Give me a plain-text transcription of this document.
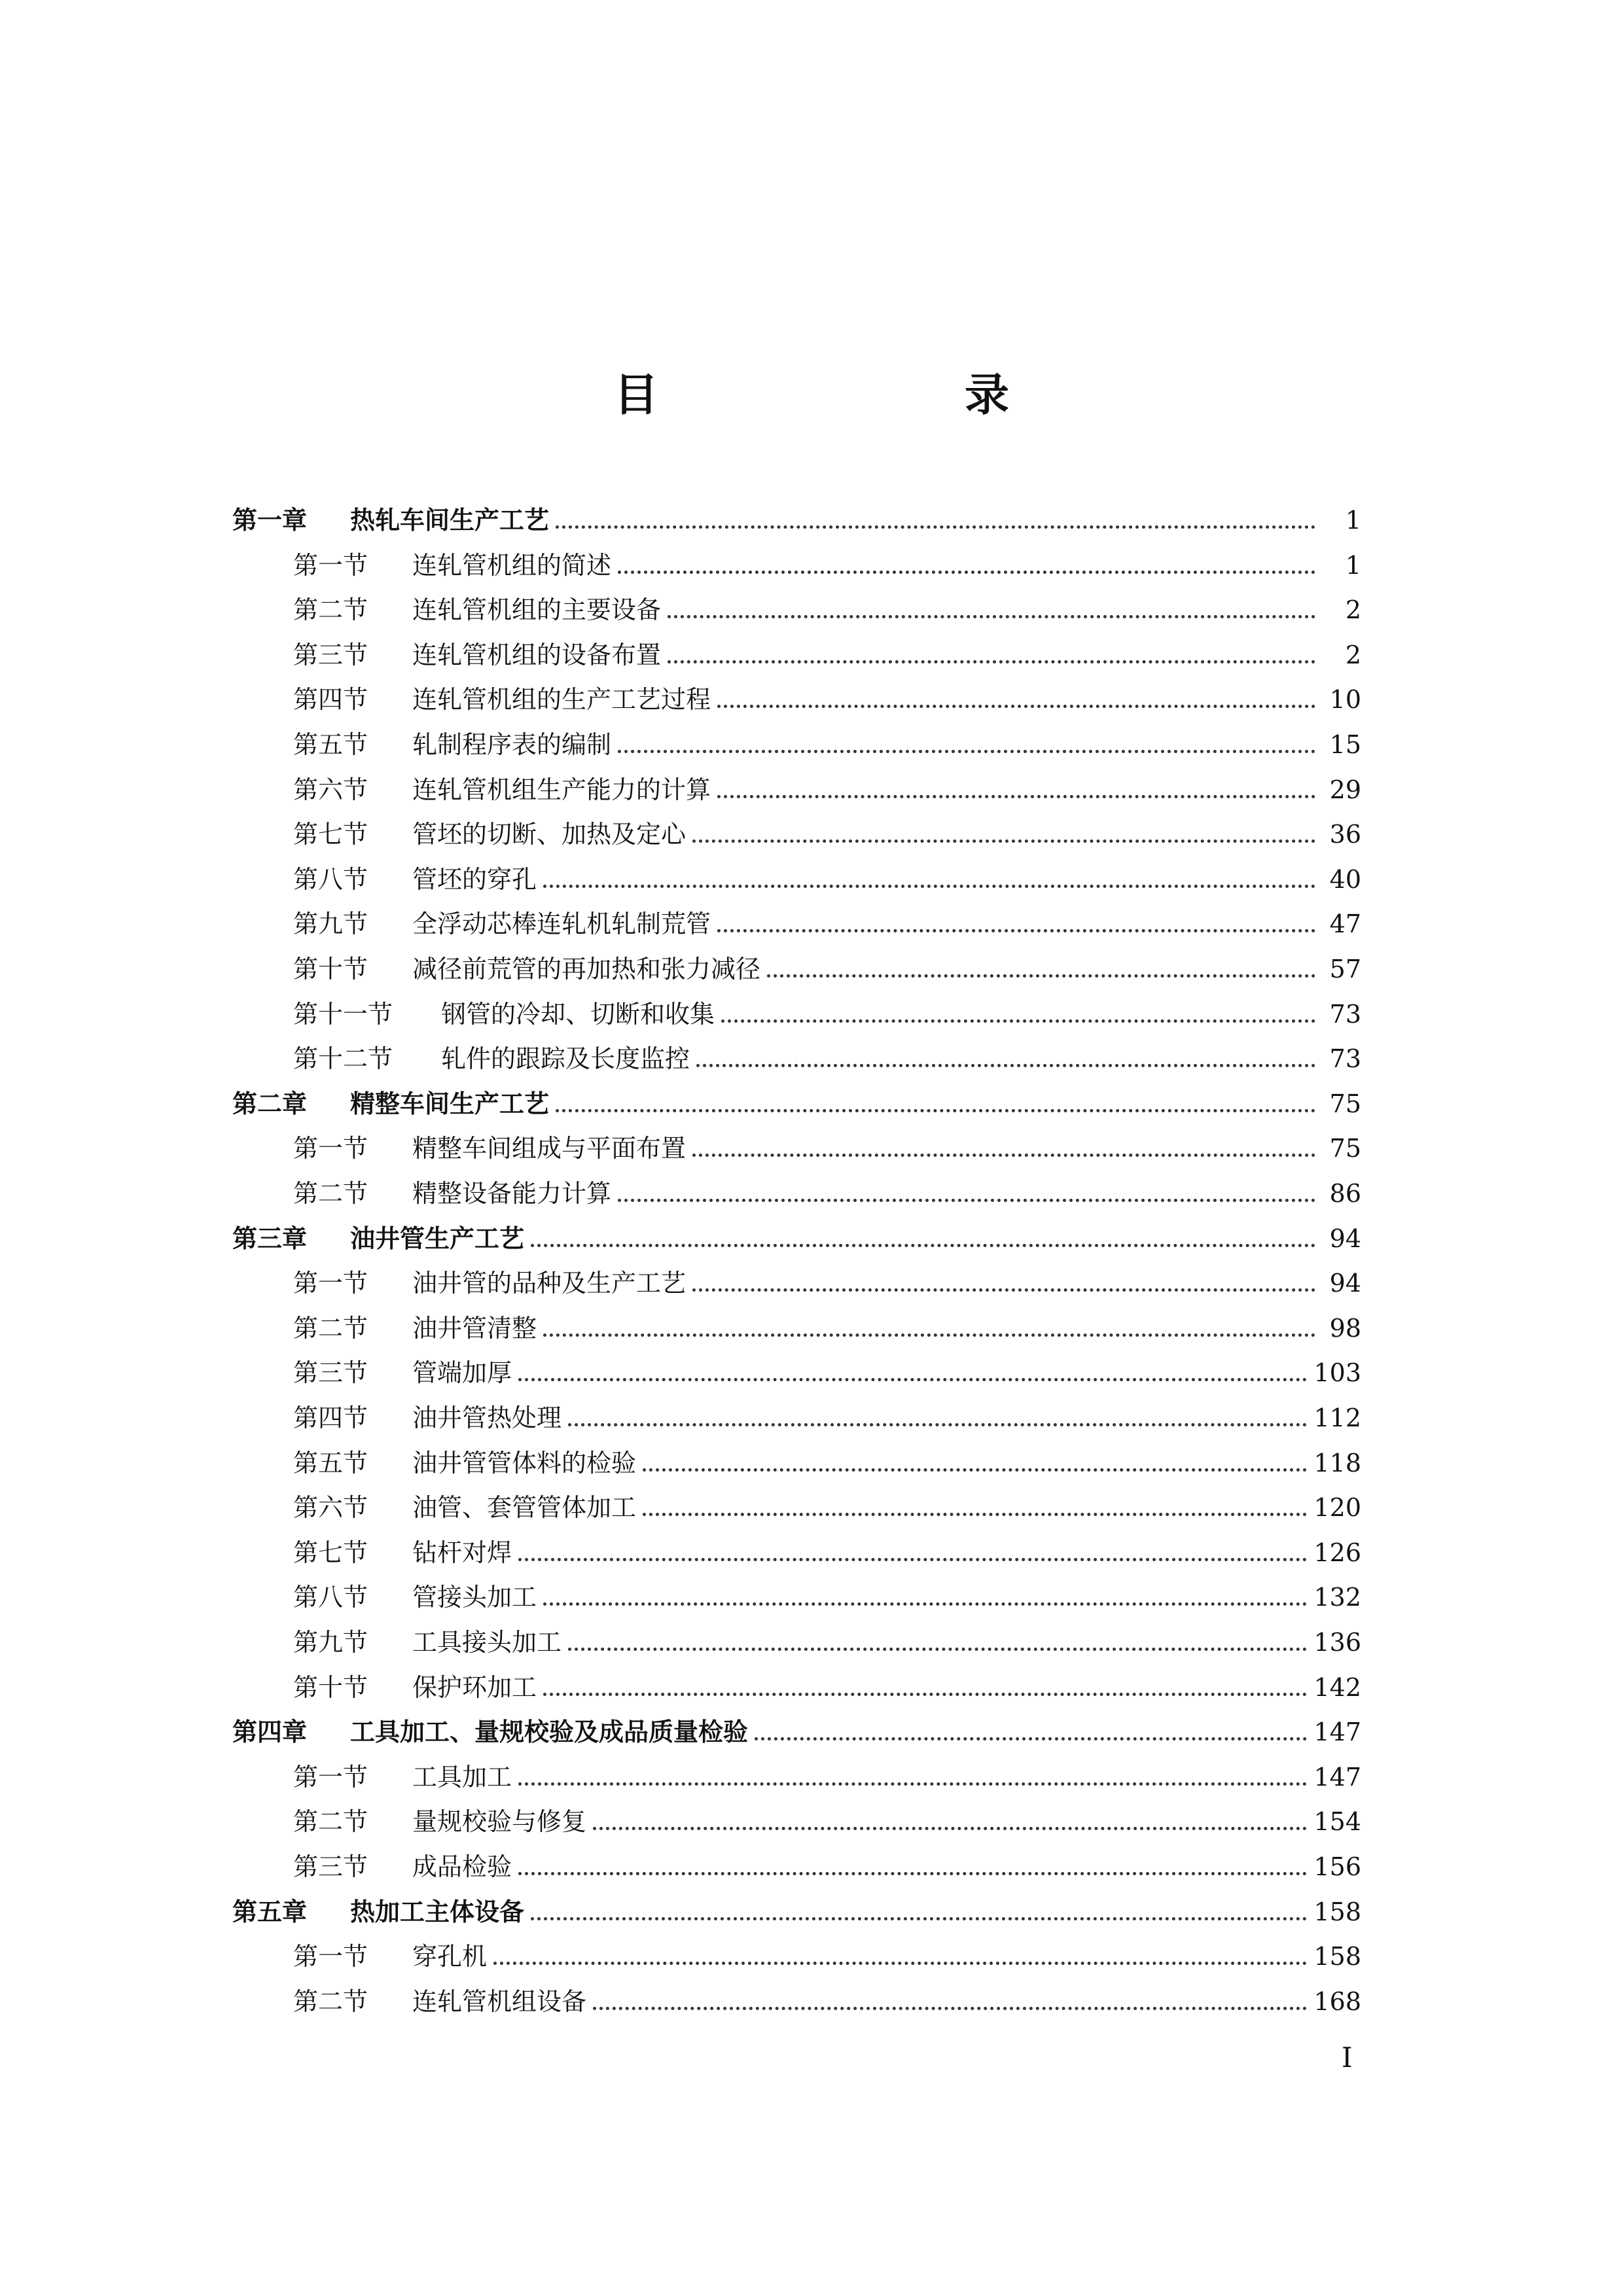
目　录
第一章	热轧车间生产工艺	1
第一节	连轧管机组的简述	1
第二节	连轧管机组的主要设备	2
第三节	连轧管机组的设备布置	2
第四节	连轧管机组的生产工艺过程	10
第五节	轧制程序表的编制	15
第六节	连轧管机组生产能力的计算	29
第七节	管坯的切断、加热及定心	36
第八节	管坯的穿孔	40
第九节	全浮动芯棒连轧机轧制荒管	47
第十节	减径前荒管的再加热和张力减径	57
第十一节	钢管的冷却、切断和收集	73
第十二节	轧件的跟踪及长度监控	73
第二章	精整车间生产工艺	75
第一节	精整车间组成与平面布置	75
第二节	精整设备能力计算	86
第三章	油井管生产工艺	94
第一节	油井管的品种及生产工艺	94
第二节	油井管清整	98
第三节	管端加厚	103
第四节	油井管热处理	112
第五节	油井管管体料的检验	118
第六节	油管、套管管体加工	120
第七节	钻杆对焊	126
第八节	管接头加工	132
第九节	工具接头加工	136
第十节	保护环加工	142
第四章	工具加工、量规校验及成品质量检验	147
第一节	工具加工	147
第二节	量规校验与修复	154
第三节	成品检验	156
第五章	热加工主体设备	158
第一节	穿孔机	158
第二节	连轧管机组设备	168
I
